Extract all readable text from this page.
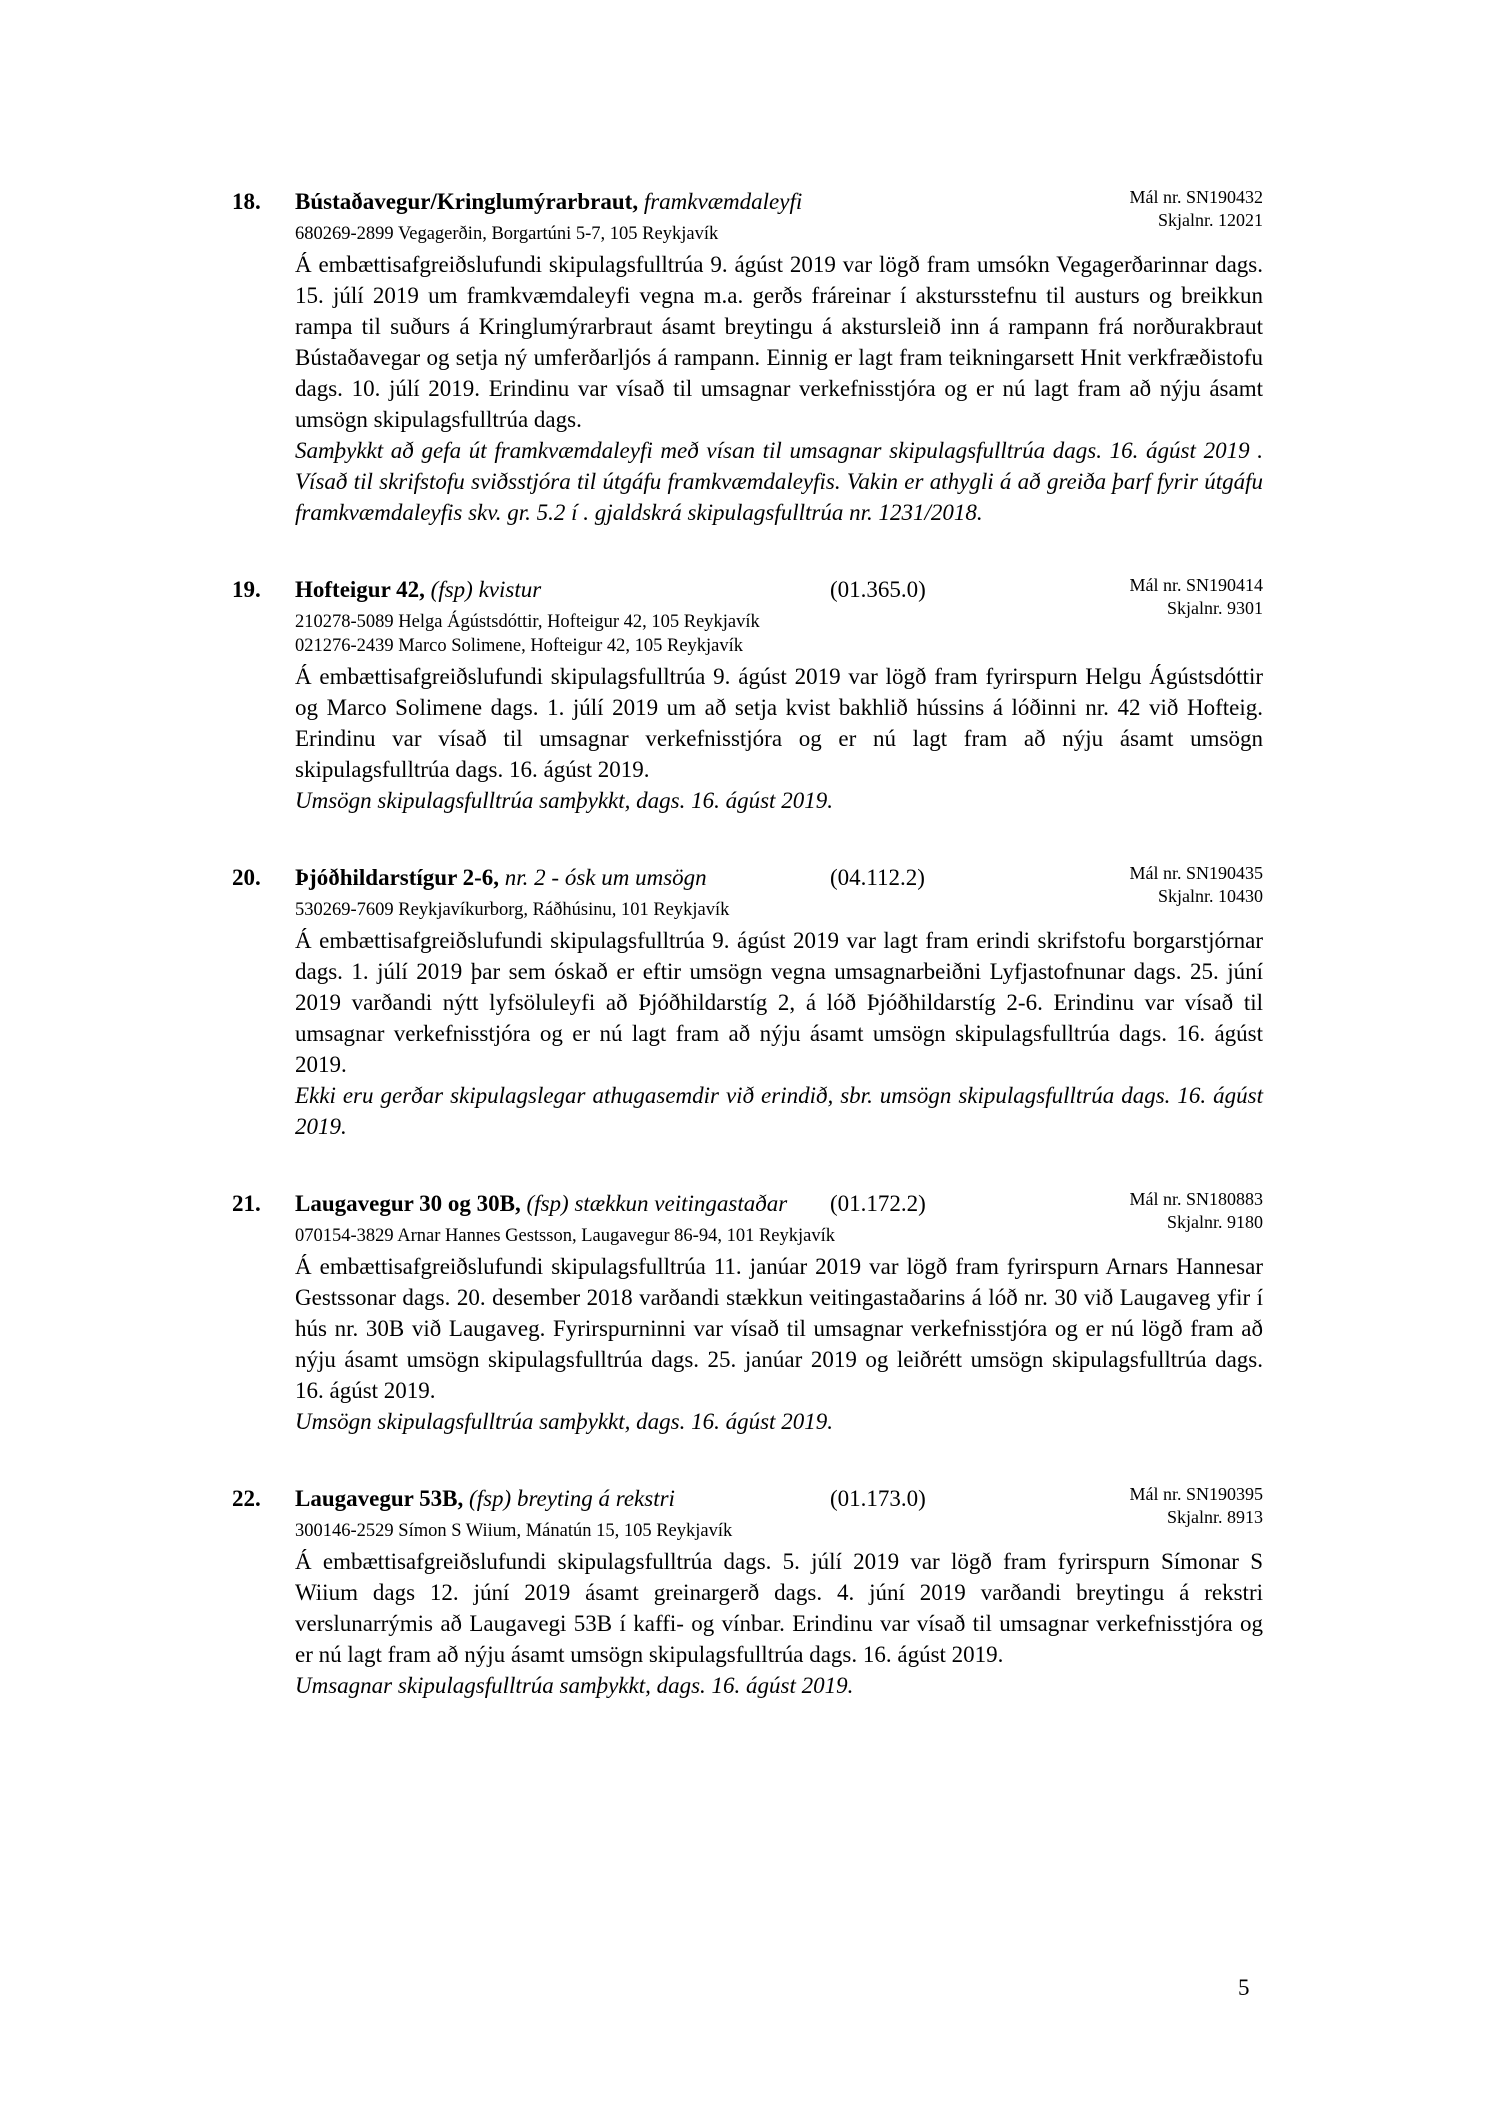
18.	Bústaðavegur/Kringlumýrarbraut, framkvæmdaleyfi	Mál nr. SN190432
Skjalnr. 12021
680269-2899 Vegagerðin, Borgartúni 5-7, 105 Reykjavík
Á embættisafgreiðslufundi skipulagsfulltrúa 9. ágúst 2019 var lögð fram umsókn Vegagerðarinnar dags. 15. júlí 2019 um framkvæmdaleyfi vegna m.a. gerðs fráreinar í akstursstefnu til austurs og breikkun rampa til suðurs á Kringlumýrarbraut ásamt breytingu á akstursleið inn á rampann frá norðurakbraut Bústaðavegar og setja ný umferðarljós á rampann. Einnig er lagt fram teikningarsett Hnit verkfræðistofu dags. 10. júlí 2019. Erindinu var vísað til umsagnar verkefnisstjóra og er nú lagt fram að nýju ásamt umsögn skipulagsfulltrúa dags.
Samþykkt að gefa út framkvæmdaleyfi með vísan til umsagnar skipulagsfulltrúa dags. 16. ágúst 2019 . Vísað til skrifstofu sviðsstjóra til útgáfu framkvæmdaleyfis. Vakin er athygli á að greiða þarf fyrir útgáfu framkvæmdaleyfis skv. gr. 5.2 í . gjaldskrá skipulagsfulltrúa nr. 1231/2018.
19.	Hofteigur 42, (fsp) kvistur	(01.365.0)	Mál nr. SN190414
Skjalnr. 9301
210278-5089 Helga Ágústsdóttir, Hofteigur 42, 105 Reykjavík
021276-2439 Marco Solimene, Hofteigur 42, 105 Reykjavík
Á embættisafgreiðslufundi skipulagsfulltrúa 9. ágúst 2019 var lögð fram fyrirspurn Helgu Ágústsdóttir og Marco Solimene dags. 1. júlí 2019 um að setja kvist bakhlið hússins á lóðinni nr. 42 við Hofteig. Erindinu var vísað til umsagnar verkefnisstjóra og er nú lagt fram að nýju ásamt umsögn skipulagsfulltrúa dags. 16. ágúst 2019.
Umsögn skipulagsfulltrúa samþykkt, dags. 16. ágúst 2019.
20.	Þjóðhildarstígur 2-6, nr. 2 - ósk um umsögn	(04.112.2)	Mál nr. SN190435
Skjalnr. 10430
530269-7609 Reykjavíkurborg, Ráðhúsinu, 101 Reykjavík
Á embættisafgreiðslufundi skipulagsfulltrúa 9. ágúst 2019 var lagt fram erindi skrifstofu borgarstjórnar dags. 1. júlí 2019 þar sem óskað er eftir umsögn vegna umsagnarbeiðni Lyfjastofnunar dags. 25. júní 2019 varðandi nýtt lyfsöluleyfi að Þjóðhildarstíg 2, á lóð Þjóðhildarstíg 2-6. Erindinu var vísað til umsagnar verkefnisstjóra og er nú lagt fram að nýju ásamt umsögn skipulagsfulltrúa dags. 16. ágúst 2019.
Ekki eru gerðar skipulagslegar athugasemdir við erindið, sbr. umsögn skipulagsfulltrúa dags. 16. ágúst 2019.
21.	Laugavegur 30 og 30B, (fsp) stækkun veitingastaðar	(01.172.2)	Mál nr. SN180883
Skjalnr. 9180
070154-3829 Arnar Hannes Gestsson, Laugavegur 86-94, 101 Reykjavík
Á embættisafgreiðslufundi skipulagsfulltrúa 11. janúar 2019 var lögð fram fyrirspurn Arnars Hannesar Gestssonar dags. 20. desember 2018 varðandi stækkun veitingastaðarins á lóð nr. 30 við Laugaveg yfir í hús nr. 30B við Laugaveg. Fyrirspurninni var vísað til umsagnar verkefnisstjóra og er nú lögð fram að nýju ásamt umsögn skipulagsfulltrúa dags. 25. janúar 2019 og leiðrétt umsögn skipulagsfulltrúa dags. 16. ágúst 2019.
Umsögn skipulagsfulltrúa samþykkt, dags. 16. ágúst 2019.
22.	Laugavegur 53B, (fsp) breyting á rekstri	(01.173.0)	Mál nr. SN190395
Skjalnr. 8913
300146-2529 Símon S Wiium, Mánatún 15, 105 Reykjavík
Á embættisafgreiðslufundi skipulagsfulltrúa dags. 5. júlí 2019 var lögð fram fyrirspurn Símonar S Wiium dags 12. júní 2019 ásamt greinargerð dags. 4. júní 2019 varðandi breytingu á rekstri verslunarrýmis að Laugavegi 53B í kaffi- og vínbar. Erindinu var vísað til umsagnar verkefnisstjóra og er nú lagt fram að nýju ásamt umsögn skipulagsfulltrúa dags. 16. ágúst 2019.
Umsagnar skipulagsfulltrúa samþykkt, dags. 16. ágúst 2019.
5
